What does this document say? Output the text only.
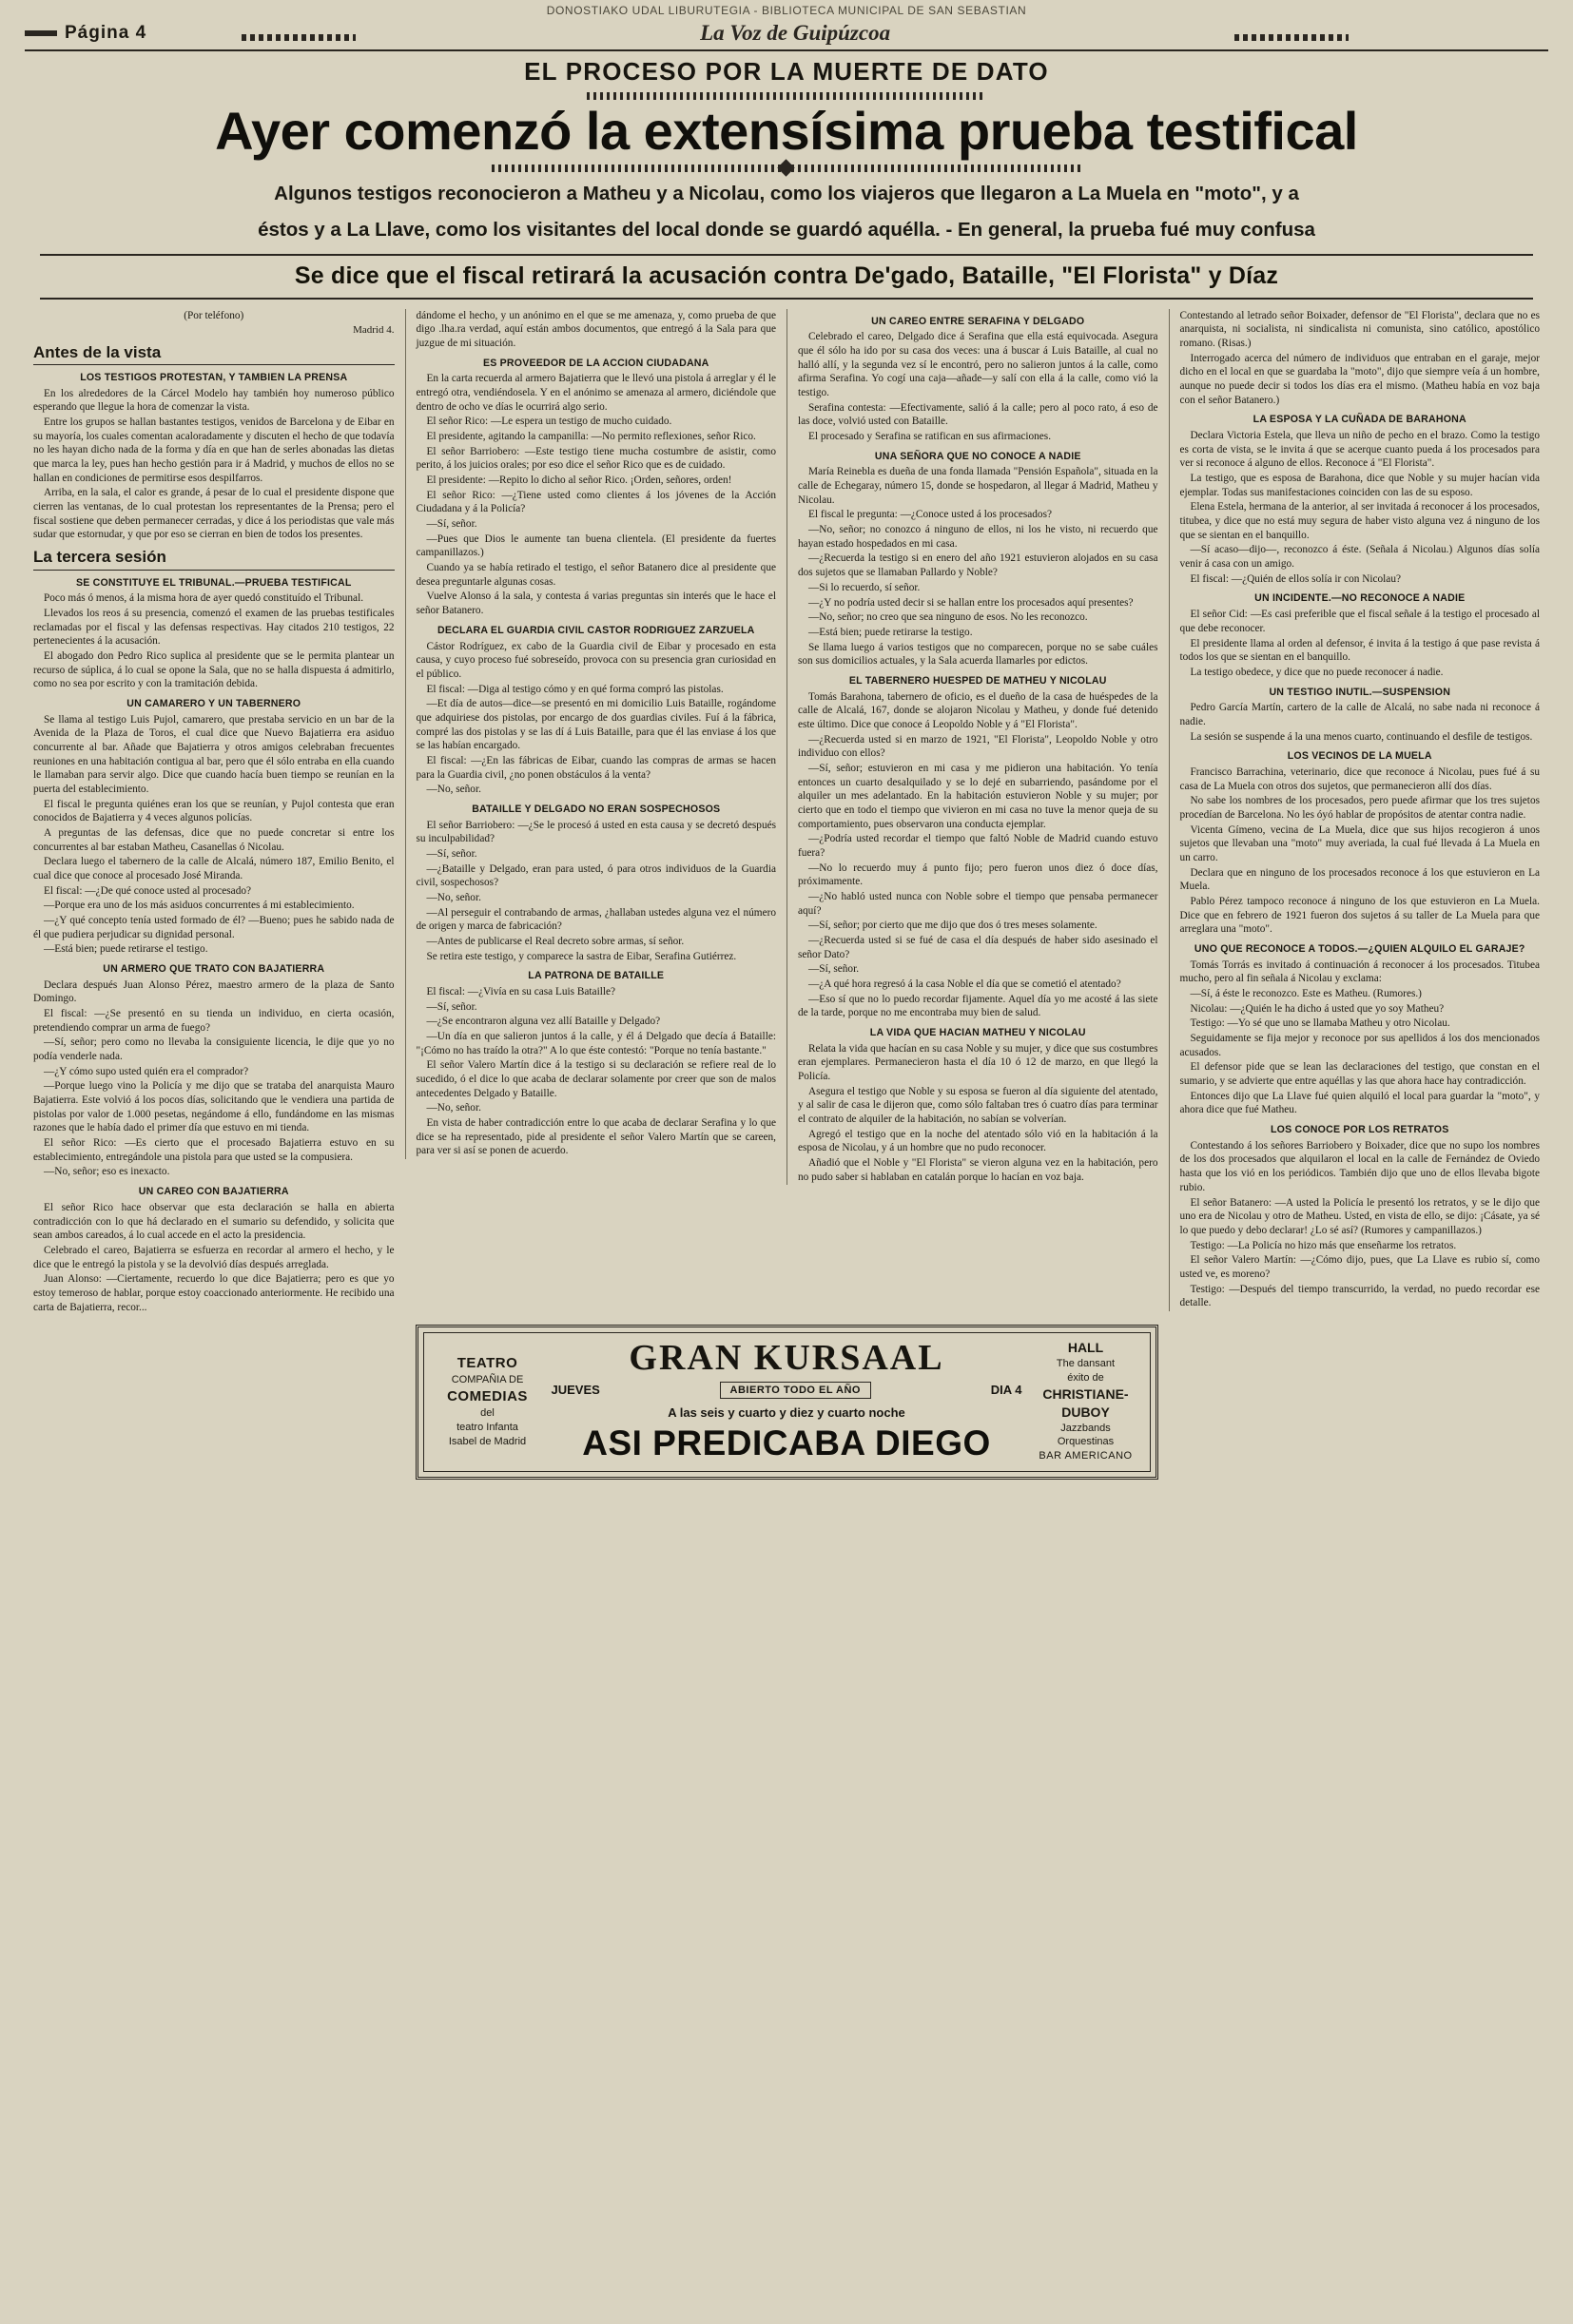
DONOSTIAKO UDAL LIBURUTEGIA - BIBLIOTECA MUNICIPAL DE SAN SEBASTIAN
Página 4	La Voz de Guipúzcoa
EL PROCESO POR LA MUERTE DE DATO
Ayer comenzó la extensísima prueba testifical
Algunos testigos reconocieron a Matheu y a Nicolau, como los viajeros que llegaron a La Muela en "moto", y a
éstos y a La Llave, como los visitantes del local donde se guardó aquélla. - En general, la prueba fué muy confusa
Se dice que el fiscal retirará la acusación contra De'gado, Bataille, "El Florista" y Díaz

(Por teléfono)

Madrid 4.

Antes de la vista
LOS TESTIGOS PROTESTAN, Y TAMBIEN LA PRENSA

En los alrededores de la Cárcel Modelo hay también hoy numeroso público esperando que llegue la hora de comenzar la vista.

Entre los grupos se hallan bastantes testigos, venidos de Barcelona y de Eibar en su mayoría, los cuales comentan acaloradamente y discuten el hecho de que todavía no les hayan dicho nada de la forma y día en que han de serles abonadas las dietas que marca la ley, pues han hecho gestión para ir á Madrid, y muchos de ellos no se hallan en condiciones de permitirse esos despilfarros.

Arriba, en la sala, el calor es grande, á pesar de lo cual el presidente dispone que cierren las ventanas, de lo cual protestan los representantes de la Prensa; pero el fiscal sostiene que deben permanecer cerradas, y dice á los periodistas que vale más sudar que estornudar, y que por eso se cierran en bien de todos los presentes.

La tercera sesión
SE CONSTITUYE EL TRIBUNAL.—PRUEBA TESTIFICAL

Poco más ó menos, á la misma hora de ayer quedó constituído el Tribunal.

Llevados los reos á su presencia, comenzó el examen de las pruebas testificales reclamadas por el fiscal y las defensas respectivas. Hay citados 210 testigos, 22 pertenecientes á la acusación.

El abogado don Pedro Rico suplica al presidente que se le permita plantear un recurso de súplica, á lo cual se opone la Sala, que no se halla dispuesta á admitirlo, como no sea por escrito y con la tramitación debida.

UN CAMARERO Y UN TABERNERO

Se llama al testigo Luis Pujol, camarero, que prestaba servicio en un bar de la Avenida de la Plaza de Toros, el cual dice que Nuevo Bajatierra era asiduo concurrente al bar. Añade que Bajatierra y otros amigos celebraban frecuentes reuniones en una habitación contigua al bar, pero que él sólo entraba en ella cuando le llamaban para servir algo. Dice que cuando hacía buen tiempo se reunían en la puerta del establecimiento.

El fiscal le pregunta quiénes eran los que se reunían, y Pujol contesta que eran conocidos de Bajatierra y 4 veces algunos policías.

A preguntas de las defensas, dice que no puede concretar si entre los concurrentes al bar estaban Matheu, Casanellas ó Nicolau.

Declara luego el tabernero de la calle de Alcalá, número 187, Emilio Benito, el cual dice que conoce al procesado José Miranda.

El fiscal: —¿De qué conoce usted al procesado?

—Porque era uno de los más asiduos concurrentes á mi establecimiento.

—¿Y qué concepto tenía usted formado de él? —Bueno; pues he sabido nada de él que pudiera perjudicar su dignidad personal.

—Está bien; puede retirarse el testigo.

UN ARMERO QUE TRATO CON BAJATIERRA

Declara después Juan Alonso Pérez, maestro armero de la plaza de Santo Domingo.

El fiscal: —¿Se presentó en su tienda un individuo, en cierta ocasión, pretendiendo comprar un arma de fuego?

—Sí, señor; pero como no llevaba la consiguiente licencia, le dije que yo no podía venderle nada.

—¿Y cómo supo usted quién era el comprador?

—Porque luego vino la Policía y me dijo que se trataba del anarquista Mauro Bajatierra. Este volvió á los pocos días, solicitando que le vendiera una partida de pistolas por valor de 1.000 pesetas, negándome á ello, fundándome en las mismas razones que le había dado el primer día que estuvo en mi tienda.

El señor Rico: —Es cierto que el procesado Bajatierra estuvo en su establecimiento, entregándole una pistola para que usted se la compusiera.

—No, señor; eso es inexacto.

UN CAREO CON BAJATIERRA

El señor Rico hace observar que esta declaración se halla en abierta contradicción con lo que há declarado en el sumario su defendido, y solicita que sean ambos careados, á lo cual accede en el acto la presidencia.

Celebrado el careo, Bajatierra se esfuerza en recordar al armero el hecho, y le dice que le entregó la pistola y se la devolvió días después arreglada.

Juan Alonso: —Ciertamente, recuerdo lo que dice Bajatierra; pero es que yo estoy temeroso de hablar, porque estoy coaccionado anteriormente. He recibido una carta de Bajatierra, recor...

dándome el hecho, y un anónimo en el que se me amenaza, y, como prueba de que digo .lha.ra verdad, aquí están ambos documentos, que entregó á la Sala para que juzgue de mi situación.

ES PROVEEDOR DE LA ACCION CIUDADANA

En la carta recuerda al armero Bajatierra que le llevó una pistola á arreglar y él le entregó otra, vendiéndosela. Y en el anónimo se amenaza al armero, diciéndole que dentro de ocho ve días le ocurrirá algo serio.

El señor Rico: —Le espera un testigo de mucho cuidado.

El presidente, agitando la campanilla: —No permito reflexiones, señor Rico.

El señor Barriobero: —Este testigo tiene mucha costumbre de asistir, como perito, á los juicios orales; por eso dice el señor Rico que es de cuidado.

El presidente: —Repito lo dicho al señor Rico. ¡Orden, señores, orden!

El señor Rico: —¿Tiene usted como clientes á los jóvenes de la Acción Ciudadana y á la Policía?

—Sí, señor.

—Pues que Dios le aumente tan buena clientela. (El presidente da fuertes campanillazos.)

Cuando ya se había retirado el testigo, el señor Batanero dice al presidente que desea preguntarle algunas cosas.

Vuelve Alonso á la sala, y contesta á varias preguntas sin interés que le hace el señor Batanero.

DECLARA EL GUARDIA CIVIL CASTOR RODRIGUEZ ZARZUELA

Cástor Rodríguez, ex cabo de la Guardia civil de Eibar y procesado en esta causa, y cuyo proceso fué sobreseído, provoca con su presencia gran curiosidad en el público.

El fiscal: —Diga al testigo cómo y en qué forma compró las pistolas.

—Et día de autos—dice—se presentó en mi domicilio Luis Bataille, rogándome que adquiriese dos pistolas, por encargo de dos guardias civiles. Fuí á la fábrica, compré las dos pistolas y se las dí á Luis Bataille, para que él las enviase á los que se las habían encargado.

El fiscal: —¿En las fábricas de Eibar, cuando las compras de armas se hacen para la Guardia civil, ¿no ponen obstáculos á la venta?

—No, señor.

BATAILLE Y DELGADO NO ERAN SOSPECHOSOS

El señor Barriobero: —¿Se le procesó á usted en esta causa y se decretó después su inculpabilidad?

—Sí, señor.

—¿Bataille y Delgado, eran para usted, ó para otros individuos de la Guardia civil, sospechosos?

—No, señor.

—Al perseguir el contrabando de armas, ¿hallaban ustedes alguna vez el número de origen y marca de fabricación?

—Antes de publicarse el Real decreto sobre armas, sí señor.

Se retira este testigo, y comparece la sastra de Eibar, Serafina Gutiérrez.

LA PATRONA DE BATAILLE

El fiscal: —¿Vivía en su casa Luis Bataille?

—Sí, señor.

—¿Se encontraron alguna vez allí Bataille y Delgado?

—Un día en que salieron juntos á la calle, y él á Delgado que decía á Bataille: "¡Cómo no has traído la otra?" A lo que éste contestó: "Porque no tenía bastante."

El señor Valero Martín dice á la testigo si su declaración se refiere real de lo sucedido, ó el dice lo que acaba de declarar solamente por creer que son de malos antecedentes Delgado y Bataille.

—No, señor.

En vista de haber contradicción entre lo que acaba de declarar Serafina y lo que dice se ha representado, pide al presidente el señor Valero Martín que se careen, para ver si así se ponen de acuerdo.

UN CAREO ENTRE SERAFINA Y DELGADO

Celebrado el careo, Delgado dice á Serafina que ella está equivocada. Asegura que él sólo ha ido por su casa dos veces: una á buscar á Luis Bataille, al cual no halló allí, y la segunda vez sí le encontró, pero no salieron juntos á la calle, como afirma Serafina. Yo cogí una caja—añade—y salí con ella á la calle, como vió la testigo.

Serafina contesta: —Efectivamente, salió á la calle; pero al poco rato, á eso de las doce, volvió usted con Bataille.

El procesado y Serafina se ratifican en sus afirmaciones.

UNA SEÑORA QUE NO CONOCE A NADIE

María Reinebla es dueña de una fonda llamada "Pensión Española", situada en la calle de Echegaray, número 15, donde se hospedaron, al llegar á Madrid, Matheu y Nicolau.

El fiscal le pregunta: —¿Conoce usted á los procesados?

—No, señor; no conozco á ninguno de ellos, ni los he visto, ni recuerdo que hayan estado hospedados en mi casa.

—¿Recuerda la testigo si en enero del año 1921 estuvieron alojados en su casa dos sujetos que se llamaban Pallardo y Noble?

—Si lo recuerdo, sí señor.

—¿Y no podría usted decir si se hallan entre los procesados aquí presentes?

—No, señor; no creo que sea ninguno de esos. No les reconozco.

—Está bien; puede retirarse la testigo.

Se llama luego á varios testigos que no comparecen, porque no se sabe cuáles son sus domicilios actuales, y la Sala acuerda llamarles por edictos.

EL TABERNERO HUESPED DE MATHEU Y NICOLAU

Tomás Barahona, tabernero de oficio, es el dueño de la casa de huéspedes de la calle de Alcalá, 167, donde se alojaron Nicolau y Matheu, y donde fué detenido este último. Dice que conoce á Leopoldo Noble y á "El Florista".

—¿Recuerda usted si en marzo de 1921, "El Florista", Leopoldo Noble y otro individuo con ellos?

—Sí, señor; estuvieron en mi casa y me pidieron una habitación. Yo tenía entonces un cuarto desalquilado y se lo dejé en subarriendo, pasándome por el alquiler un mes adelantado. En la habitación estuvieron Noble y su mujer; por cierto que en todo el tiempo que vivieron en mi casa no tuve la menor queja de su comportamiento, pues observaron una conducta ejemplar.

—¿Podría usted recordar el tiempo que faltó Noble de Madrid cuando estuvo fuera?

—No lo recuerdo muy á punto fijo; pero fueron unos diez ó doce días, próximamente.

—¿No habló usted nunca con Noble sobre el tiempo que pensaba permanecer aquí?

—Sí, señor; por cierto que me dijo que dos ó tres meses solamente.

—¿Recuerda usted si se fué de casa el día después de haber sido asesinado el señor Dato?

—Sí, señor.

—¿A qué hora regresó á la casa Noble el día que se cometió el atentado?

—Eso sí que no lo puedo recordar fijamente. Aquel día yo me acosté á las siete de la tarde, porque no me encontraba muy bien de salud.

LA VIDA QUE HACIAN MATHEU Y NICOLAU

Relata la vida que hacían en su casa Noble y su mujer, y dice que sus costumbres eran ejemplares. Permanecieron hasta el día 10 ó 12 de marzo, en que llegó la Policía.

Asegura el testigo que Noble y su esposa se fueron al día siguiente del atentado, y al salir de casa le dijeron que, como sólo faltaban tres ó cuatro días para terminar el contrato de alquiler de la habitación, no sabían se volverían.

Agregó el testigo que en la noche del atentado sólo vió en la habitación á la esposa de Nicolau, y á un hombre que no pudo reconocer.

Añadió que el Noble y "El Florista" se vieron alguna vez en la habitación, pero no pudo saber si hablaban en catalán porque lo hacían en voz baja.

Contestando al letrado señor Boixader, defensor de "El Florista", declara que no es anarquista, ni socialista, ni sindicalista ni comunista, sino católico, apostólico romano. (Risas.)

Interrogado acerca del número de individuos que entraban en el garaje, mejor dicho en el local en que se guardaba la "moto", dijo que siempre veía á un hombre, aunque no puede decir si todos los días era el mismo. (Matheu había en voz baja con el señor Batanero.)

LA ESPOSA Y LA CUÑADA DE BARAHONA

Declara Victoria Estela, que lleva un niño de pecho en el brazo. Como la testigo es corta de vista, se le invita á que se acerque cuanto pueda á los procesados para ver si reconoce á alguno de ellos. Reconoce á "El Florista".

La testigo, que es esposa de Barahona, dice que Noble y su mujer hacían vida ejemplar. Todas sus manifestaciones coinciden con las de su esposo.

Elena Estela, hermana de la anterior, al ser invitada á reconocer á los procesados, titubea, y dice que no está muy segura de haber visto alguna vez á ninguno de los que se sientan en el banquillo.

—Sí acaso—dijo—, reconozco á éste. (Señala á Nicolau.) Algunos días solía venir á casa con un amigo.

El fiscal: —¿Quién de ellos solía ir con Nicolau?

UN INCIDENTE.—NO RECONOCE A NADIE

El señor Cid: —Es casi preferible que el fiscal señale á la testigo el procesado al que debe reconocer.

El presidente llama al orden al defensor, é invita á la testigo á que pase revista á todos los que se sientan en el banquillo.

La testigo obedece, y dice que no puede reconocer á nadie.

UN TESTIGO INUTIL.—SUSPENSION

Pedro García Martín, cartero de la calle de Alcalá, no sabe nada ni reconoce á nadie.

La sesión se suspende á la una menos cuarto, continuando el desfile de testigos.

LOS VECINOS DE LA MUELA

Francisco Barrachina, veterinario, dice que reconoce á Nicolau, pues fué á su casa de La Muela con otros dos sujetos, que permanecieron allí dos días.

No sabe los nombres de los procesados, pero puede afirmar que los tres sujetos procedían de Barcelona. No les óyó hablar de propósitos de atentar contra nadie.

Vicenta Gímeno, vecina de La Muela, dice que sus hijos recogieron á unos sujetos que llevaban una "moto" muy averiada, la cual fué llevada á La Muela en un carro.

Declara que en ninguno de los procesados reconoce á los que estuvieron en La Muela.

Pablo Pérez tampoco reconoce á ninguno de los que estuvieron en La Muela. Dice que en febrero de 1921 fueron dos sujetos á su taller de La Muela para que arreglara una "moto".

UNO QUE RECONOCE A TODOS.—¿QUIEN ALQUILO EL GARAJE?

Tomás Torrás es invitado á continuación á reconocer á los procesados. Titubea mucho, pero al fin señala á Nicolau y exclama:

—Sí, á éste le reconozco. Este es Matheu. (Rumores.)

Nicolau: —¿Quién le ha dicho á usted que yo soy Matheu?

Testigo: —Yo sé que uno se llamaba Matheu y otro Nicolau.

Seguidamente se fija mejor y reconoce por sus apellidos á los dos mencionados acusados.

El defensor pide que se lean las declaraciones del testigo, que constan en el sumario, y se advierte que entre aquéllas y las que ahora hace hay contradicción.

Entonces dijo que La Llave fué quien alquiló el local para guardar la "moto", y ahora dice que fué Matheu.

LOS CONOCE POR LOS RETRATOS

Contestando á los señores Barriobero y Boixader, dice que no supo los nombres de los dos procesados que alquilaron el local en la calle de Fernández de Oviedo hasta que los vió en los periódicos. También dijo que uno de ellos llevaba bigote rubio.

El señor Batanero: —A usted la Policía le presentó los retratos, y se le dijo que uno era de Nicolau y otro de Matheu. Usted, en vista de ello, se dijo: ¡Cásate, ya sé lo que puedo y debo declarar! ¿Lo sé así? (Rumores y campanillazos.)

Testigo: —La Policía no hizo más que enseñarme los retratos.

El señor Valero Martín: —¿Cómo dijo, pues, que La Llave es rubio sí, como usted ve, es moreno?

Testigo: —Después del tiempo transcurrido, la verdad, no puedo recordar ese detalle.

TEATRO
COMPAÑIA DE
COMEDIAS
del
teatro Infanta
Isabel de Madrid
GRAN KURSAAL
JUEVES	ABIERTO TODO EL AÑO	DIA 4
A las seis y cuarto y diez y cuarto noche
ASI PREDICABA DIEGO
HALL
The dansant
éxito de
CHRISTIANE-DUBOY
Jazzbands
Orquestinas
BAR AMERICANO
